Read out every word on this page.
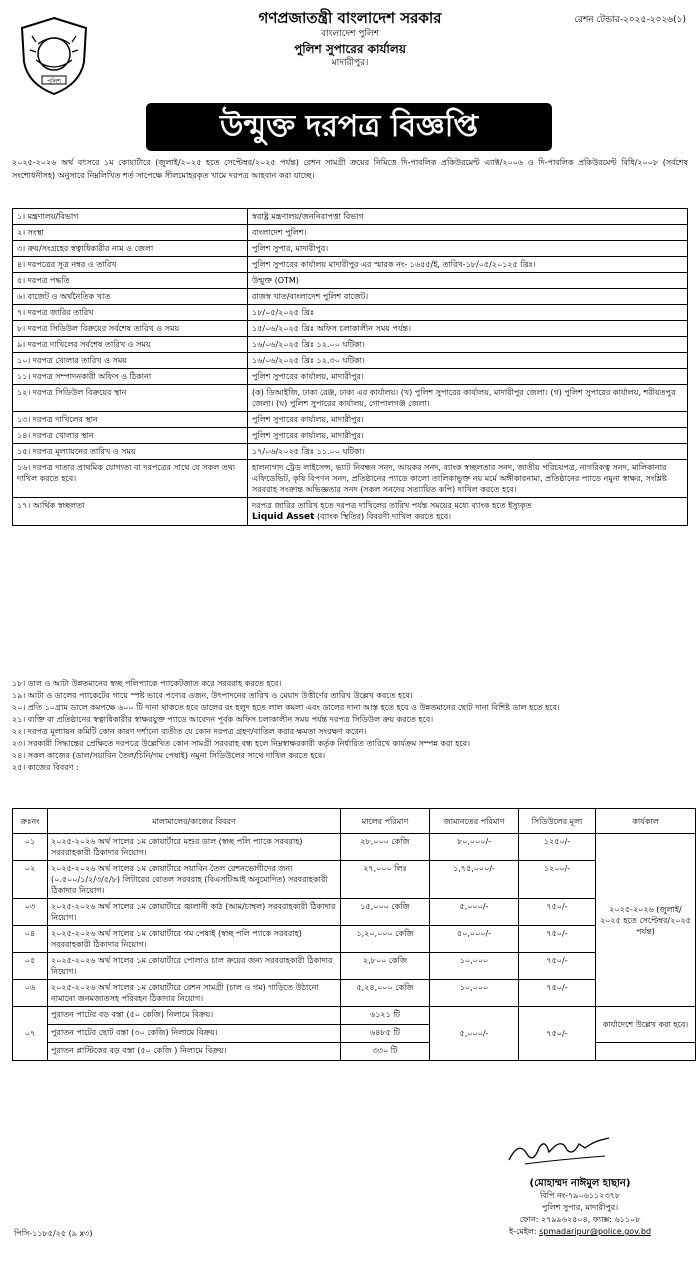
পুলিশ
গণপ্রজাতন্ত্রী বাংলাদেশ সরকার
বাংলাদেশ পুলিশ
পুলিশ সুপারের কার্যালয়
মাদারীপুর।
রেশন টেন্ডার-২০২৫-২০২৬(১)
উন্মুক্ত দরপত্র বিজ্ঞপ্তি
২০২৫-২০২৬ অর্থ বৎসরে ১ম কোয়ার্টারে (জুলাই/২০২৫ হতে সেপ্টেম্বর/২০২৫ পর্যন্ত) রেশন সামগ্রী ক্রয়ের নিমিত্তে দি-পাবলিক প্রকিউরমেন্ট এ্যাক্ট/২০০৬ ও দি-পাবলিক প্রকিউরমেন্ট বিধি/২০০৮ (সর্বশেষ সংশোধনীসহ) অনুসারে নিম্নলিখিত শর্ত সাপেক্ষে সীলমোহরকৃত খামে দরপত্র আহবান করা যাচ্ছে।
১। মন্ত্রণালয়/বিভাগ	স্বরাষ্ট্র মন্ত্রণালয়/জননিরাপত্তা বিভাগ
২। সংস্থা	বাংলাদেশ পুলিশ।
৩। ক্রয়/সংগ্রহের স্বত্বাধিকারীর নাম ও জেলা	পুলিশ সুপার, মাদারীপুর।
৪। দরপত্রের সূত্র নম্বর ও তারিখ	পুলিশ সুপারের কার্যালয় মাদারীপুর এর স্মারক নং- ১৬৫৫/ই, তারিখ-১৮/০৫/২০১২৫ খ্রিঃ।
৫। দরপত্র পদ্ধতি	উন্মুক্ত (OTM)
৬। বাজেট ও অর্থনৈতিক খাত	রাজস্ব খাত/বাংলাদেশ পুলিশ বাজেট।
৭। দরপত্র জারির তারিখ	১৮/০৫/২০২৫ খ্রিঃ
৮। দরপত্র সিডিউল বিক্রয়ের সর্বশেষ তারিখ ও সময়	১৫/০৬/২০২৫ খ্রিঃ অফিস চলাকালীন সময় পর্যন্ত।
৯। দরপত্র দাখিলের সর্বশেষ তারিখ ও সময়	১৬/০৬/২০২৫ খ্রিঃ ১২.০০ ঘটিকা।
১০। দরপত্র খোলার তারিখ ও সময়	১৬/০৬/২০২৫ খ্রিঃ ১২.৩০ ঘটিকা।
১১। দরপত্র সম্পাদনকারী অফিস ও ঠিকানা	পুলিশ সুপারের কার্যালয়, মাদারীপুর।
১২। দরপত্র সিডিউল বিক্রয়ের স্থান	(ক) ডিআইজি, ঢাকা রেঞ্জ, ঢাকা এর কার্যালয়। (খ) পুলিশ সুপারের কার্যালয়, মাদারীপুর জেলা। (গ) পুলিশ সুপারের কার্যালয়, শরীয়তপুর জেলা। (ঘ) পুলিশ সুপারের কার্যালয়, গোপালগঞ্জ জেলা।
১৩। দরপত্র দাখিলের স্থান	পুলিশ সুপারের কার্যালয়, মাদারীপুর।
১৪। দরপত্র খোলার স্থান	পুলিশ সুপারের কার্যালয়, মাদারীপুর।
১৫। দরপত্র মূল্যায়নের তারিখ ও সময়	১৭/০৬/২০২৫ খ্রিঃ ১১.০০ ঘটিকা।
১৬। দরপত্র দাতার প্রাথমিক যোগ্যতা বা দরপত্রের সাথে যে সকল তথ্য দাখিল করতে হবে।	হালনাগাদ ট্রেড লাইসেন্স, ভ্যাট নিবন্ধন সনদ, আয়কর সনদ, ব্যাংক স্বচ্ছলতার সনদ, জাতীয় পরিচয়পত্র, নাগরিকত্ব সনদ, মালিকানার এফিডেভিট, কৃষি বিপণন সনদ, প্রতিষ্ঠানের প্যাডে কালো তালিকাভুক্ত নয় মর্মে অঙ্গীকারনামা, প্রতিষ্ঠানের প্যাডে নমুনা স্বাক্ষর, সংশ্লিষ্ট সরবরাহ সংক্রান্ত অভিজ্ঞতার সনদ (সকল সনদের সত্যায়িত কপি) দাখিল করতে হবে।
১৭। আর্থিক স্বচ্ছলতা	দরপত্র জারির তারিখ হতে দরপত্র দাখিলের তারিখ পর্যন্ত সময়ের মধ্যে ব্যাংক হতে ইস্যুকৃত
Liquid Asset (ব্যাংক স্থিতির) বিবরণী দাখিল করতে হবে।
১৮। ডাল ও আটা উন্নতমানের স্বচ্ছ পলিপ্যাকে প্যাকেটজাত করে সরবরাহ করতে হবে।
১৯। আটা ও ডালের প্যাকেটের গায়ে স্পষ্ট ভাবে পণ্যের ওজন, উৎপাদনের তারিখ ও মেয়াদ উত্তীর্ণের তারিখ উল্লেখ করতে হবে।
২০। প্রতি ১০গ্রাম ডালে কমপক্ষে ৬০০ টি দানা থাকতে হবে ডালের রং হলুদ হতে লাল কমলা এবং ডালের দানা আস্ত হতে হবে ও উন্নতমানের ছোট দানা বিশিষ্ট ডাল হতে হবে।
২১। ব্যক্তি বা প্রতিষ্ঠানের স্বত্বাধিকারীর স্বাক্ষরযুক্ত প্যাডে আবেদন পূর্বক অফিস চলাকালীন সময় পর্যন্ত দরপত্র সিডিউল ক্রয় করতে হবে।
২২। দরপত্র মূল্যায়ন কমিটি কোন কারণ দর্শানো ব্যতীত যে কোন দরপত্র গ্রহণ/বাতিল করার ক্ষমতা সংরক্ষণ করেন।
২৩। সরকারী সিদ্ধান্তের প্রেক্ষিতে দরপত্রে উল্লেখিত কোন সামগ্রী সরবরাহ বন্ধ হলে নিম্নস্বাক্ষরকারী কর্তৃক নির্ধারিত তারিখে কার্যক্রম সম্পন্ন করা হবে।
২৪। সকল কাজের (ডাল/সয়াবিন তৈল/চিনি/গম পেষাই) নমুনা সিডিউলের সাথে দাখিল করতে হবে।
২৫। কাজের বিবরণ :
ক্রঃনং	মালামালের/কাজের বিবরণ	মালের পরিমাণ	জামানতের পরিমাণ	সিডিউলের মূল্য	কার্যকাল
০১	২০২৫-২০২৬ অর্থ সালের ১ম কোয়ার্টারে মশুর ডাল (স্বচ্ছ পলি প্যাকে সরবরাহ) সরবরাহকারী ঠিকাদার নিয়োগ।	২৮,০০০ কেজি	৮০,০০০/-	১২৫০/-	২০২৫-২০২৬ (জুলাই/২০২৫ হতে সেপ্টেম্বর/২০২৫ পর্যন্ত)
০২	২০২৫-২০২৬ অর্থ সালের ১ম কোয়ার্টারে সয়াবিন তৈল রেশনভোগীদের জন্য (০.৫০০/১/২/৩/৫/৮) লিটারের বোতল সরবরাহ (বিএসটিআই অনুমোদিত) সরবরাহকারী ঠিকাদার নিয়োগ।	২৭,০০০ লিঃ	১,৭৫,০০০/-	১২০০/-	
০৩	২০২৫-২০২৬ অর্থ সালের ১ম কোয়ার্টারে জ্বালানী কাঠ (আম/চাম্বল) সরবরাহকারী ঠিকাদার নিয়োগ।	১৫,০০০ কেজি	৫,০০০/-	৭৫০/-	
০৪	২০২৫-২০২৬ অর্থ সালের ১ম কোয়ার্টারে গম পেষাই (স্বচ্ছ পলি প্যাকে সরবরাহ) সরবরাহকারী ঠিকাদার নিয়োগ।	১,২০,০০০ কেজি	৫০,০০০/-	৭৫০/-	
০৫	২০২৫-২০২৬ অর্থ সালের ১ম কোয়ার্টারে পোলাও চাল ক্রয়ের জন্য সরবরাহকারী ঠিকাদার নিয়োগ।	২,৮০০ কেজি	১০,০০০	৭৫০/-	
০৬	২০২৫-২০২৬ অর্থ সালের ১ম কোয়ার্টারে রেশন সামগ্রী (চাল ও গম) গাড়িতে উঠানো নামানো জনমজাতসহ পরিবহন ঠিকাদার নিয়োগ।	৫,২৪,০০০ কেজি	১০,০০০	৭৫০/-	
০৭	পুরাতন পাটের বড় বস্তা (৫০ কেজি) নিলামে বিক্রয়।	৬১২১ টি	৫,০০০/-	৭৫০/-	কার্যাদেশে উল্লেখ করা হবে।
	পুরাতন পাটের ছোট বস্তা (৩০ কেজি) নিলামে বিক্রয়।	৬৪৮৫ টি			
	পুরাতন প্লাস্টিকের বড় বস্তা (৫০ কেজি ) নিলামে বিক্রয়।	৩৩০ টি			
(মোহাম্মদ নাঈমুল হাছান)
বিপি নং-৭৯০৬১১২৩৭৮
পুলিশ সুপার, মাদারীপুর।
ফোন: ২৭৯৯৬২৫০৪, ফ্যাক্স: ৬১১০৮
ই-মেইল: spmadaripur@police.gov.bd
পিসি-১১৮৫/২৫ (৯ x৩)
